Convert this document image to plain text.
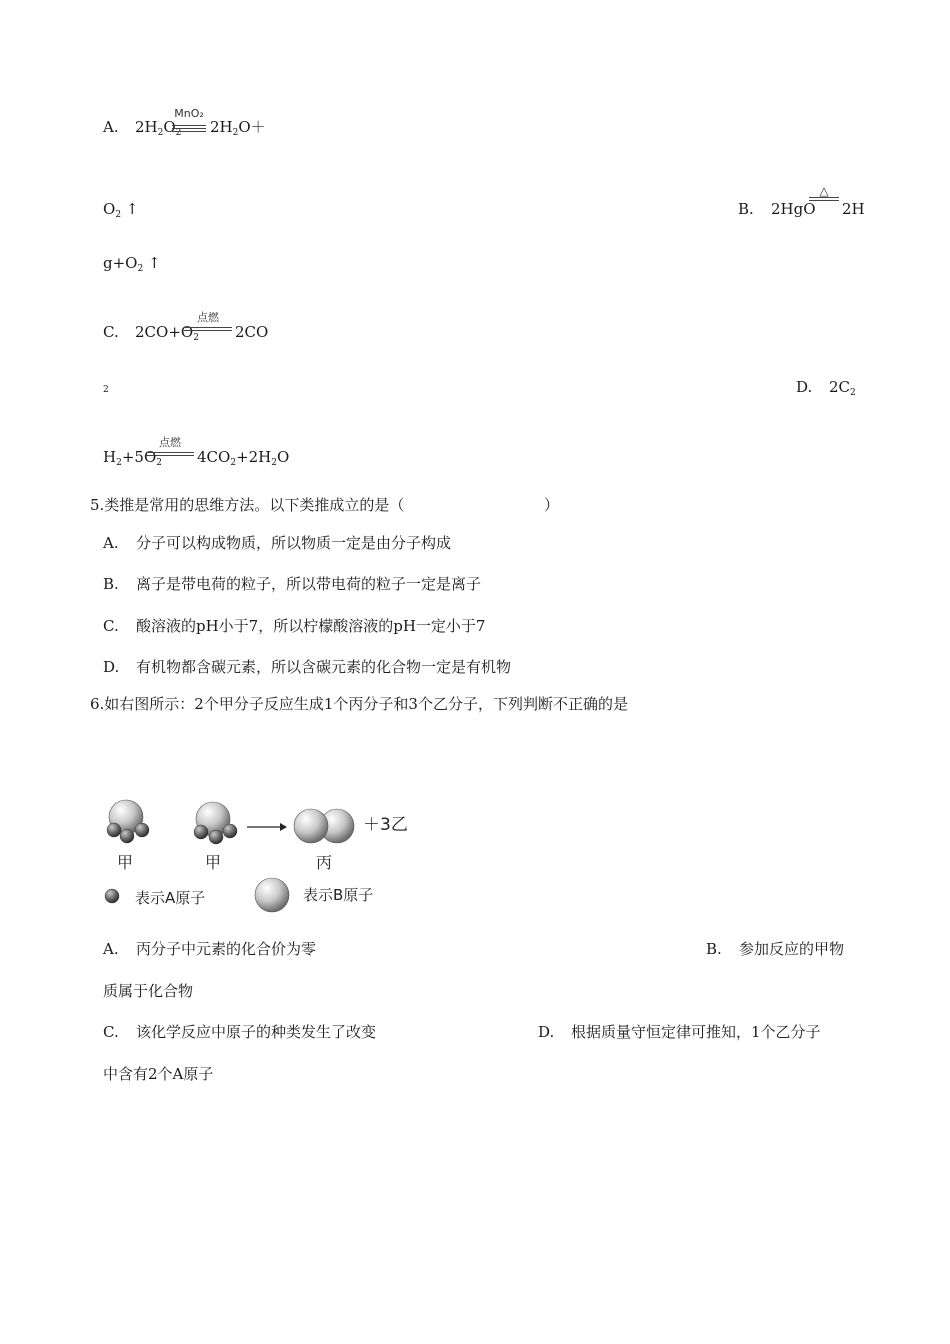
A. $2H_2O_2$
MnO₂
$2H_2O+$
$O_2$ ↑	B. 2HgO
△
2H
$g+O_2$ ↑
C. $2CO+O_2$
点燃
2CO
2	D. $2C_2$
$H_2+5O_2$
点燃
$4CO_2+2H_2O$
5.类推是常用的思维方法。以下类推成立的是（	）
A. 分子可以构成物质，所以物质一定是由分子构成
B. 离子是带电荷的粒子，所以带电荷的粒子一定是离子
C. 酸溶液的pH小于7，所以柠檬酸溶液的pH一定小于7
D. 有机物都含碳元素，所以含碳元素的化合物一定是有机物
6.如右图所示：2个甲分子反应生成1个丙分子和3个乙分子，下列判断不正确的是
＋3乙
甲	甲	丙
表示A原子	表示B原子
A. 丙分子中元素的化合价为零	B. 参加反应的甲物
质属于化合物
C. 该化学反应中原子的种类发生了改变	D. 根据质量守恒定律可推知，1个乙分子
中含有2个A原子
